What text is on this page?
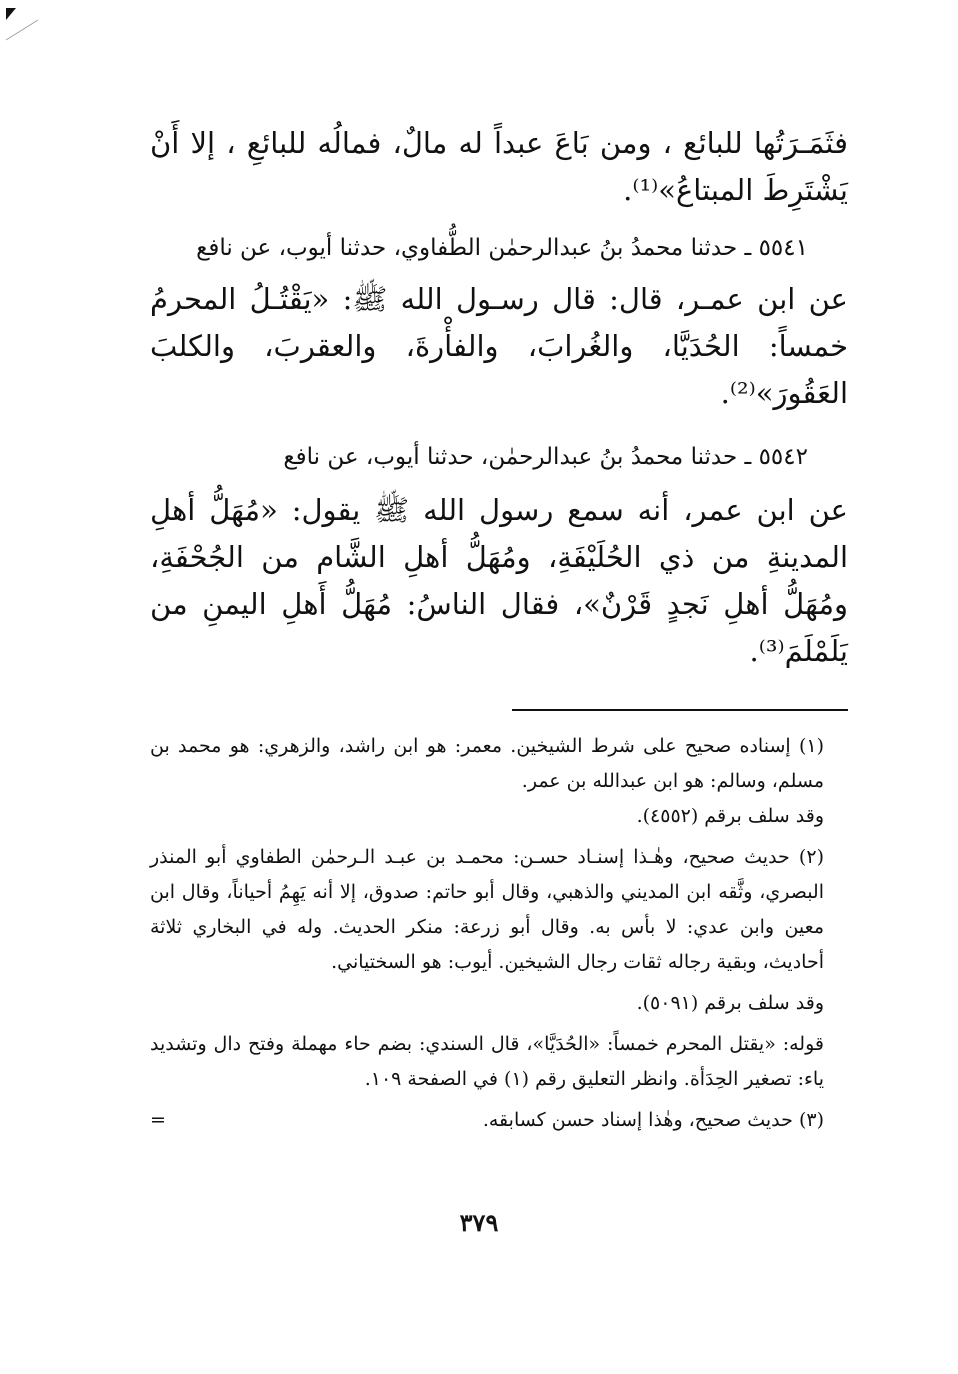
فثَمَـرَتُها للبائع ، ومن بَاعَ عبداً له مالٌ، فمالُه للبائعِ ، إلا أَنْ يَشْتَرِطَ المبتاعُ»⁽¹⁾.

٥٥٤١ ـ حدثنا محمدُ بنُ عبدالرحمٰن الطُّفاوي، حدثنا أيوب، عن نافع

عن ابن عمـر، قال: قال رسـول الله ﷺ: «يَقْتُـلُ المحرمُ خمساً: الحُدَيَّا، والغُرابَ، والفأْرةَ، والعقربَ، والكلبَ العَقُورَ»⁽²⁾.

٥٥٤٢ ـ حدثنا محمدُ بنُ عبدالرحمٰن، حدثنا أيوب، عن نافع

عن ابن عمر، أنه سمع رسول الله ﷺ يقول: «مُهَلُّ أهلِ المدينةِ من ذي الحُلَيْفَةِ، ومُهَلُّ أهلِ الشَّام من الجُحْفَةِ، ومُهَلُّ أهلِ نَجدٍ قَرْنٌ»، فقال الناسُ: مُهَلُّ أَهلِ اليمنِ من يَلَمْلَمَ⁽³⁾.

(١) إسناده صحيح على شرط الشيخين. معمر: هو ابن راشد، والزهري: هو محمد بن مسلم، وسالم: هو ابن عبدالله بن عمر.

وقد سلف برقم (٤٥٥٢).

(٢) حديث صحيح، وهٰـذا إسنـاد حسـن: محمـد بن عبـد الـرحمٰن الطفاوي أبو المنذر البصري، وثَّقه ابن المديني والذهبي، وقال أبو حاتم: صدوق، إلا أنه يَهِمُ أحياناً، وقال ابن معين وابن عدي: لا بأس به. وقال أبو زرعة: منكر الحديث. وله في البخاري ثلاثة أحاديث، وبقية رجاله ثقات رجال الشيخين. أيوب: هو السختياني.

وقد سلف برقم (٥٠٩١).

قوله: «يقتل المحرم خمساً: «الحُدَيَّا»، قال السندي: بضم حاء مهملة وفتح دال وتشديد ياء: تصغير الحِدَأة. وانظر التعليق رقم (١) في الصفحة ١٠٩.

(٣) حديث صحيح، وهٰذا إسناد حسن كسابقه.
=
٣٧٩
